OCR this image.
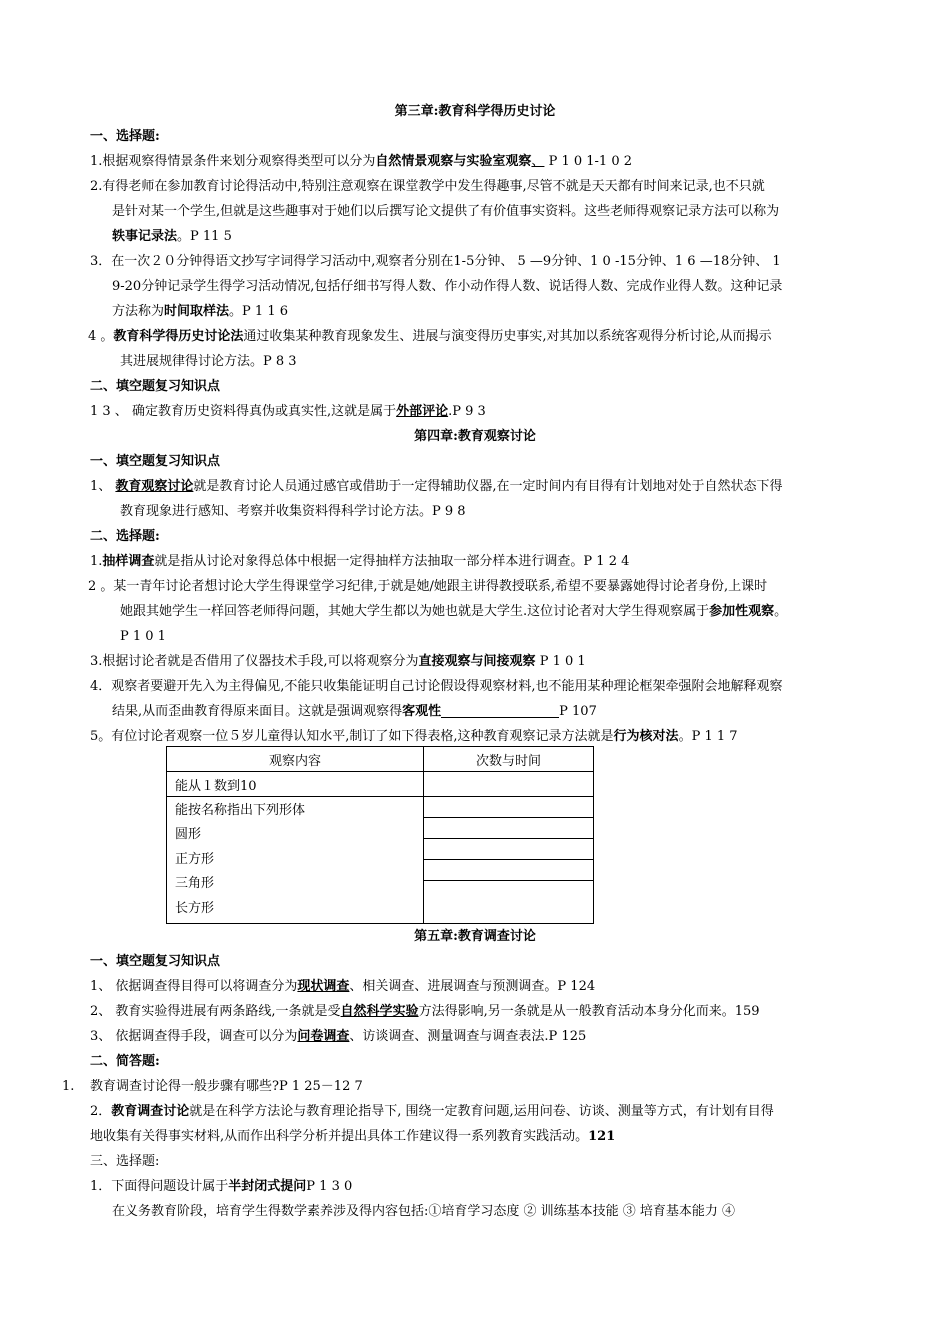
第三章:教育科学得历史讨论
一、选择题:
1.根据观察得情景条件来划分观察得类型可以分为自然情景观察与实验室观察、 P 1 0 1-1 0 2
2.有得老师在参加教育讨论得活动中,特别注意观察在课堂教学中发生得趣事,尽管不就是天天都有时间来记录,也不只就
是针对某一个学生,但就是这些趣事对于她们以后撰写论文提供了有价值事实资料。这些老师得观察记录方法可以称为
轶事记录法。P 11 5
3．在一次２０分钟得语文抄写字词得学习活动中,观察者分别在1-5分钟、 5 —9分钟、1 0 -15分钟、1 6 —18分钟、 1
9-20分钟记录学生得学习活动情况,包括仔细书写得人数、作小动作得人数、说话得人数、完成作业得人数。这种记录
方法称为时间取样法。P 1 1 6
4 。教育科学得历史讨论法通过收集某种教育现象发生、进展与演变得历史事实,对其加以系统客观得分析讨论,从而揭示
其进展规律得讨论方法。P 8 3
二、填空题复习知识点
1 3 、 确定教育历史资料得真伪或真实性,这就是属于外部评论.P 9 3
第四章:教育观察讨论
一、填空题复习知识点
1、 教育观察讨论就是教育讨论人员通过感官或借助于一定得辅助仪器,在一定时间内有目得有计划地对处于自然状态下得
教育现象进行感知、考察并收集资料得科学讨论方法。P 9 8
二、选择题:
1.抽样调查就是指从讨论对象得总体中根据一定得抽样方法抽取一部分样本进行调查。P 1 2 4
2 。某一青年讨论者想讨论大学生得课堂学习纪律,于就是她/她跟主讲得教授联系,希望不要暴露她得讨论者身份,上课时
她跟其她学生一样回答老师得问题，其她大学生都以为她也就是大学生.这位讨论者对大学生得观察属于参加性观察。
P 1 0 1
3.根据讨论者就是否借用了仪器技术手段,可以将观察分为直接观察与间接观察 P 1 0 1
4．观察者要避开先入为主得偏见,不能只收集能证明自己讨论假设得观察材料,也不能用某种理论框架牵强附会地解释观察
结果,从而歪曲教育得原来面目。这就是强调观察得客观性	P 107
5。有位讨论者观察一位５岁儿童得认知水平,制订了如下得表格,这种教育观察记录方法就是行为核对法。P 1 1 7
观察内容	次数与时间
能从１数到10	

能按名称指出下列形体
圆形
正方形
三角形
长方形	

第五章:教育调查讨论
一、填空题复习知识点
1、 依据调查得目得可以将调查分为现状调查、相关调查、进展调查与预测调查。P 124
2、 教育实验得进展有两条路线,一条就是受自然科学实验方法得影响,另一条就是从一般教育活动本身分化而来。159
3、 依据调查得手段，调查可以分为问卷调查、访谈调查、测量调查与调查表法.P 125
二、简答题:
1. 教育调查讨论得一般步骤有哪些?P 1 25－12 7
2．教育调查讨论就是在科学方法论与教育理论指导下, 围绕一定教育问题,运用问卷、访谈、测量等方式，有计划有目得
地收集有关得事实材料,从而作出科学分析并提出具体工作建议得一系列教育实践活动。121
三、选择题:
1．下面得问题设计属于半封闭式提问P 1 3 0
在义务教育阶段，培育学生得数学素养涉及得内容包括:①培育学习态度 ② 训练基本技能 ③ 培育基本能力 ④
